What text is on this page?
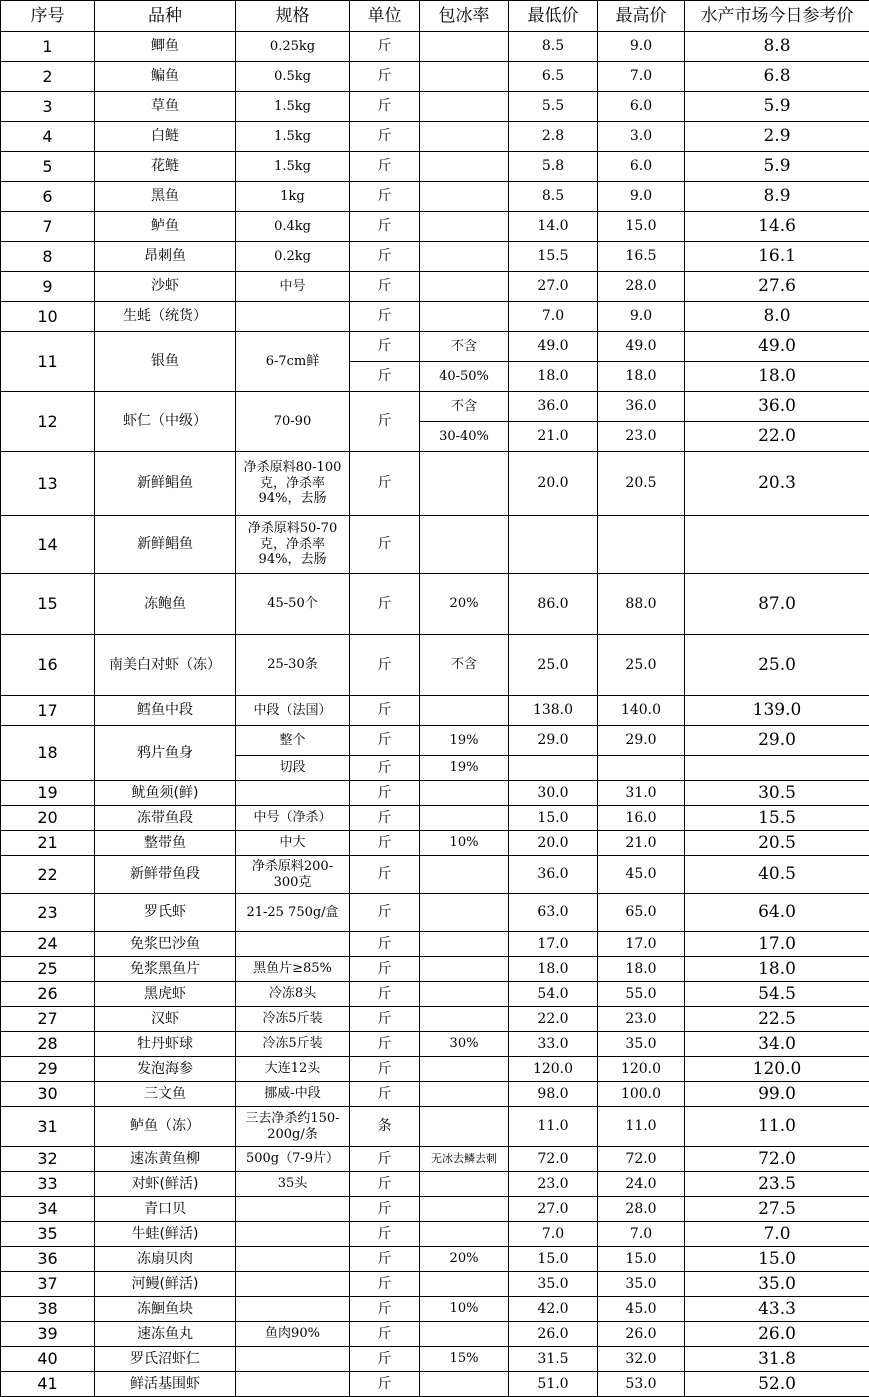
序号	品种	规格	单位	包冰率	最低价	最高价	水产市场今日参考价
1	鲫鱼	0.25kg	斤		8.5	9.0	8.8
2	鳊鱼	0.5kg	斤		6.5	7.0	6.8
3	草鱼	1.5kg	斤		5.5	6.0	5.9
4	白鲢	1.5kg	斤		2.8	3.0	2.9
5	花鲢	1.5kg	斤		5.8	6.0	5.9
6	黑鱼	1kg	斤		8.5	9.0	8.9
7	鲈鱼	0.4kg	斤		14.0	15.0	14.6
8	昂刺鱼	0.2kg	斤		15.5	16.5	16.1
9	沙虾	中号	斤		27.0	28.0	27.6
10	生蚝（统货）		斤		7.0	9.0	8.0
11	银鱼	6-7cm鲜	斤	不含	49.0	49.0	49.0
			斤	40-50%	18.0	18.0	18.0
12	虾仁（中级）	70-90	斤	不含	36.0	36.0	36.0
				30-40%	21.0	23.0	22.0
13	新鲜鲳鱼	净杀原料80-100克，净杀率94%，去肠	斤		20.0	20.5	20.3
14	新鲜鲳鱼	净杀原料50-70克，净杀率94%，去肠	斤				
15	冻鲍鱼	45-50个	斤	20%	86.0	88.0	87.0
16	南美白对虾（冻）	25-30条	斤	不含	25.0	25.0	25.0
17	鳕鱼中段	中段（法国）	斤		138.0	140.0	139.0
18	鸦片鱼身	整个	斤	19%	29.0	29.0	29.0
		切段	斤	19%			
19	鱿鱼须(鲜)		斤		30.0	31.0	30.5
20	冻带鱼段	中号（净杀）	斤		15.0	16.0	15.5
21	整带鱼	中大	斤	10%	20.0	21.0	20.5
22	新鲜带鱼段	净杀原料200-300克	斤		36.0	45.0	40.5
23	罗氏虾	21-25 750g/盒	斤		63.0	65.0	64.0
24	免浆巴沙鱼		斤		17.0	17.0	17.0
25	免浆黑鱼片	黑鱼片≥85%	斤		18.0	18.0	18.0
26	黑虎虾	冷冻8头	斤		54.0	55.0	54.5
27	汉虾	冷冻5斤装	斤		22.0	23.0	22.5
28	牡丹虾球	冷冻5斤装	斤	30%	33.0	35.0	34.0
29	发泡海参	大连12头	斤		120.0	120.0	120.0
30	三文鱼	挪威-中段	斤		98.0	100.0	99.0
31	鲈鱼（冻）	三去净杀约150-200g/条	条		11.0	11.0	11.0
32	速冻黄鱼柳	500g（7-9片）	斤	无冰去鳞去刺	72.0	72.0	72.0
33	对虾(鲜活)	35头	斤		23.0	24.0	23.5
34	青口贝		斤		27.0	28.0	27.5
35	牛蛙(鲜活)		斤		7.0	7.0	7.0
36	冻扇贝肉		斤	20%	15.0	15.0	15.0
37	河鳗(鲜活)		斤		35.0	35.0	35.0
38	冻鮰鱼块		斤	10%	42.0	45.0	43.3
39	速冻鱼丸	鱼肉90%	斤		26.0	26.0	26.0
40	罗氏沼虾仁		斤	15%	31.5	32.0	31.8
41	鲜活基围虾		斤		51.0	53.0	52.0
